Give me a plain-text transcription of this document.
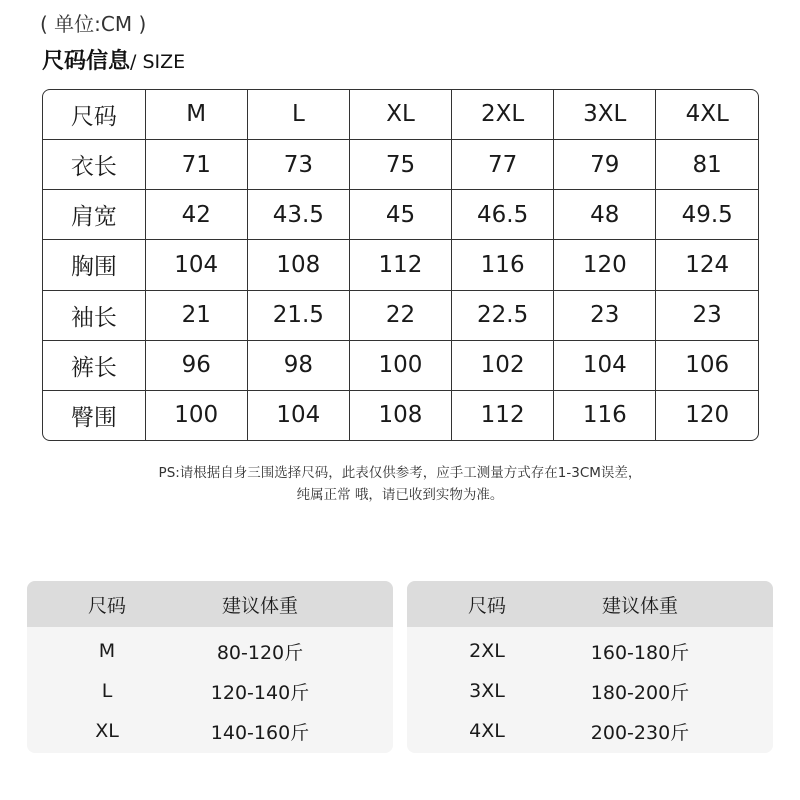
( 单位:CM )
尺码信息/ SIZE
尺码	M	L	XL	2XL	3XL	4XL
衣长	71	73	75	77	79	81
肩宽	42	43.5	45	46.5	48	49.5
胸围	104	108	112	116	120	124
袖长	21	21.5	22	22.5	23	23
裤长	96	98	100	102	104	106
臀围	100	104	108	112	116	120
PS:请根据自身三围选择尺码，此表仅供参考，应手工测量方式存在1-3CM误差，
纯属正常 哦，请已收到实物为准。
尺码	建议体重
M	80-120斤
L	120-140斤
XL	140-160斤
尺码	建议体重
2XL	160-180斤
3XL	180-200斤
4XL	200-230斤
